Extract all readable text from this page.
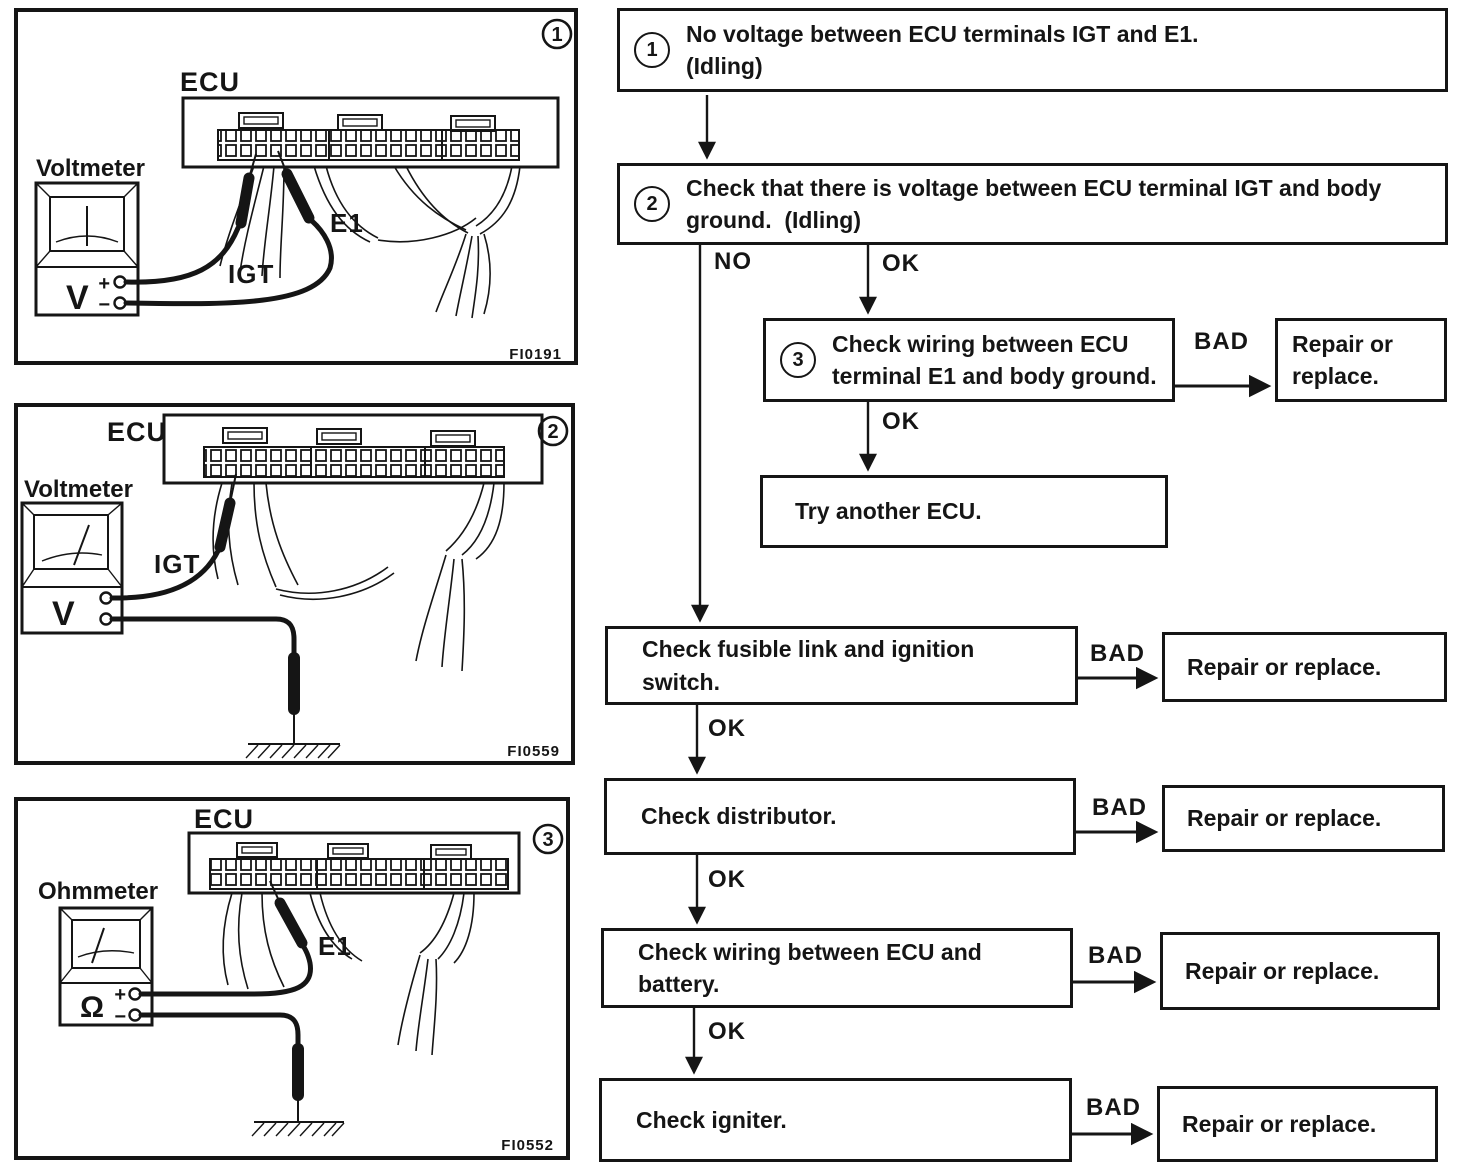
1
ECU
Voltmeter
V +
−
IGT
E1
FI0191
2
ECU
Voltmeter
V
IGT
FI0559
3
ECU
Ohmmeter
Ω +
−
E1
FI0552
1
No voltage between ECU terminals IGT and E1.
(Idling)
2
Check that there is voltage between ECU terminal IGT and body
ground.  (Idling)
3
Check wiring between ECU
terminal E1 and body ground.
Repair or
replace.
Try another ECU.
Check fusible link and ignition
switch.
Repair or replace.
Check distributor.	Repair or replace.
Check wiring between ECU and
battery.
Repair or replace.
Check igniter.	Repair or replace.
NO	OK
OK
OK
OK
OK
BAD
BAD
BAD
BAD
BAD
